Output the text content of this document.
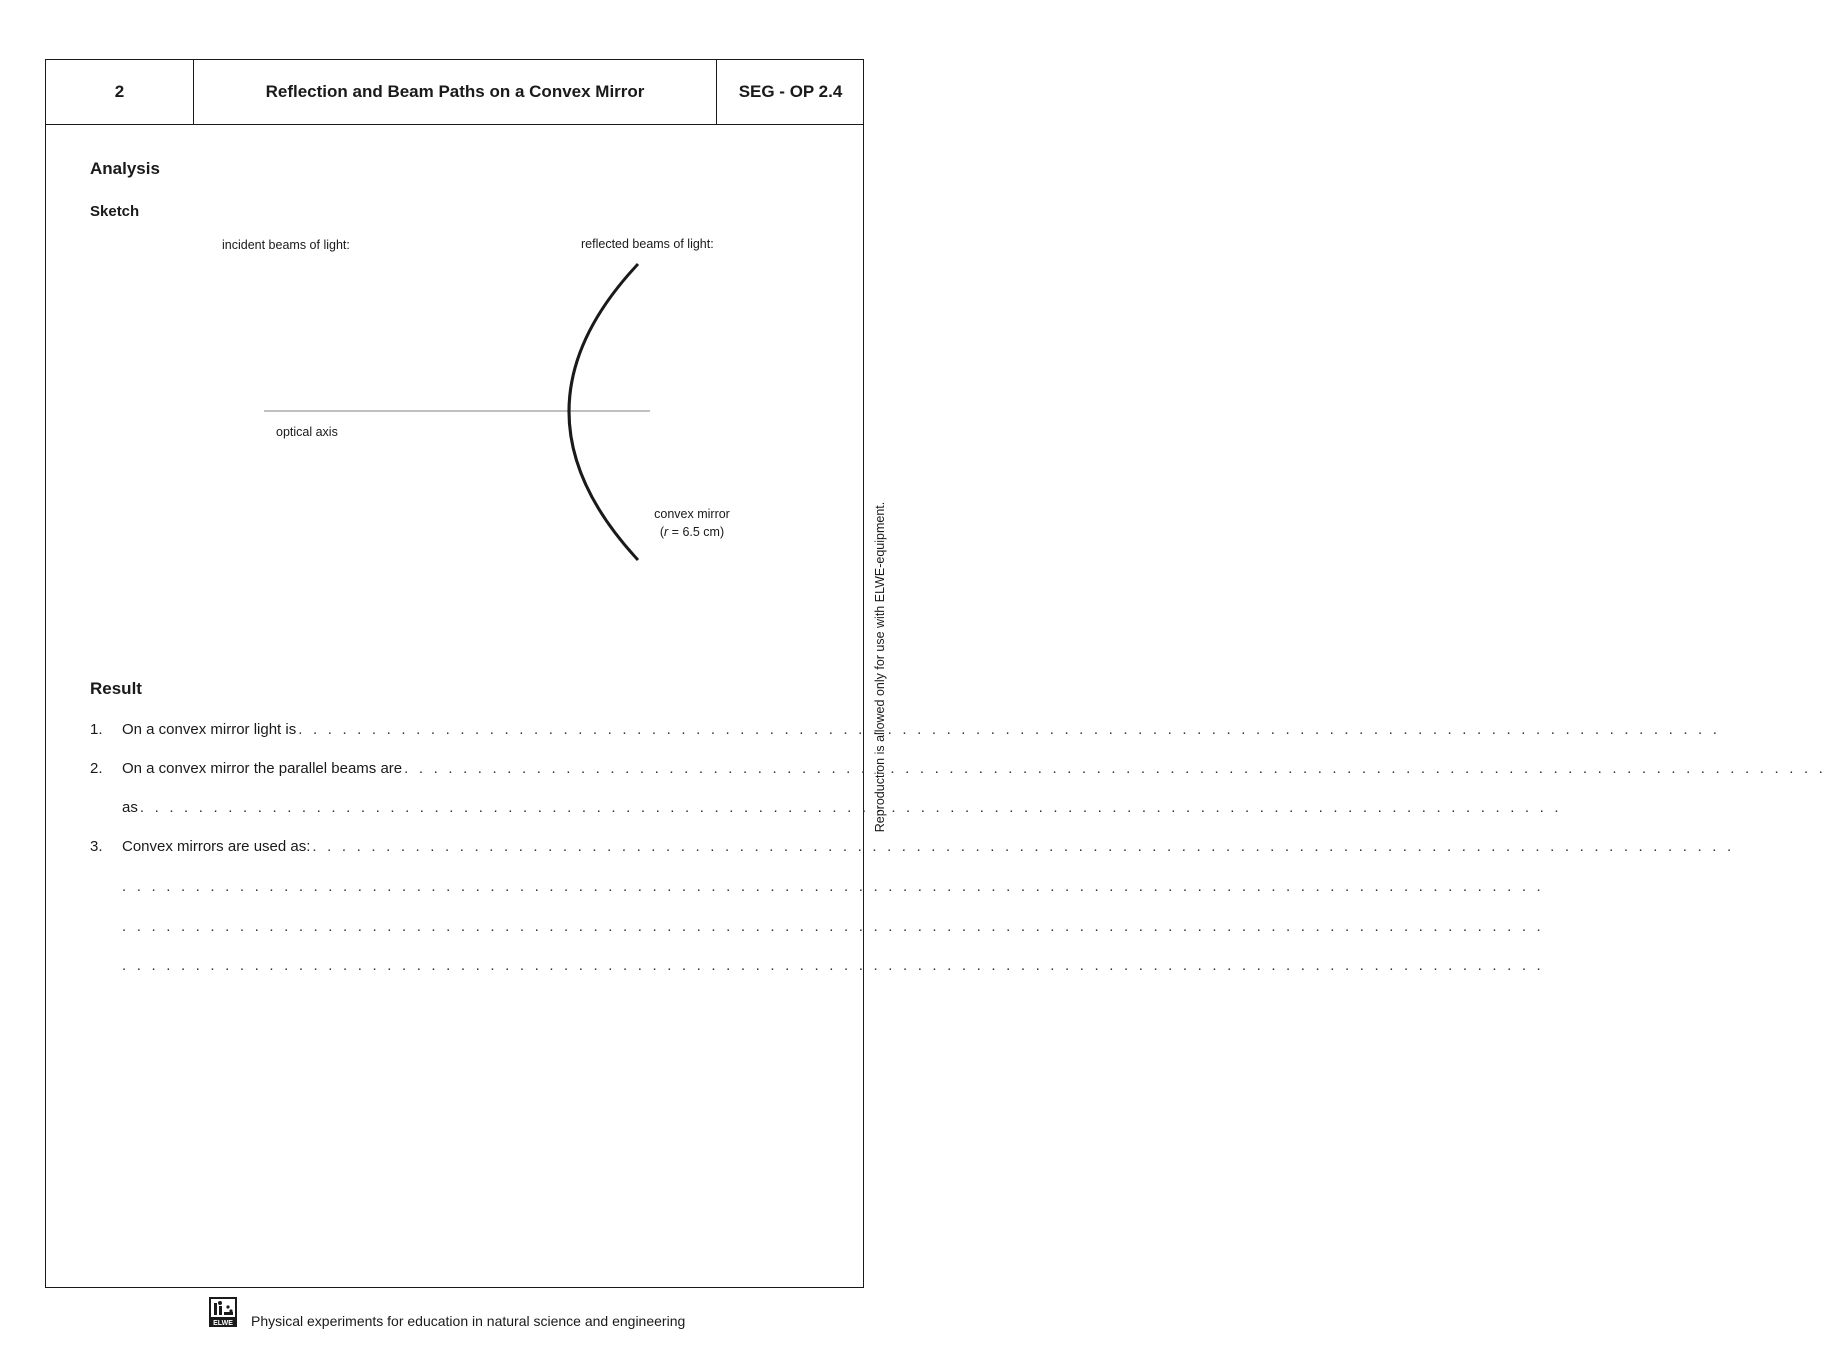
2	Reflection and Beam Paths on a Convex Mirror	SEG - OP 2.4
Analysis
Sketch
incident beams of light:	reflected beams of light:
optical axis
convex mirror
(r = 6.5 cm)
Result
1.	On a convex mirror light is . . . . . . . . . . . . . . . . . . . . . . . . . . . . . . . . . . . . . . . . . . . . . . . . . . . . . . . . . . . . . . . . . . . . . . . . . . . . . . . . . . . . . . . . . . . . . . . . .
2.	On a convex mirror the parallel beams are . . . . . . . . . . . . . . . . . . . . . . . . . . . . . . . . . . . . . . . . . . . . . . . . . . . . . . . . . . . . . . . . . . . . . . . . . . . . . . . . . . . . . . . . . . . . . . . . .
as . . . . . . . . . . . . . . . . . . . . . . . . . . . . . . . . . . . . . . . . . . . . . . . . . . . . . . . . . . . . . . . . . . . . . . . . . . . . . . . . . . . . . . . . . . . . . . . . .
3.	Convex mirrors are used as: . . . . . . . . . . . . . . . . . . . . . . . . . . . . . . . . . . . . . . . . . . . . . . . . . . . . . . . . . . . . . . . . . . . . . . . . . . . . . . . . . . . . . . . . . . . . . . . . .
. . . . . . . . . . . . . . . . . . . . . . . . . . . . . . . . . . . . . . . . . . . . . . . . . . . . . . . . . . . . . . . . . . . . . . . . . . . . . . . . . . . . . . . . . . . . . . . . .
. . . . . . . . . . . . . . . . . . . . . . . . . . . . . . . . . . . . . . . . . . . . . . . . . . . . . . . . . . . . . . . . . . . . . . . . . . . . . . . . . . . . . . . . . . . . . . . . .
. . . . . . . . . . . . . . . . . . . . . . . . . . . . . . . . . . . . . . . . . . . . . . . . . . . . . . . . . . . . . . . . . . . . . . . . . . . . . . . . . . . . . . . . . . . . . . . . .
Reproduction is allowed only for use with ELWE-equipment.
ELWE Physical experiments for education in natural science and engineering
